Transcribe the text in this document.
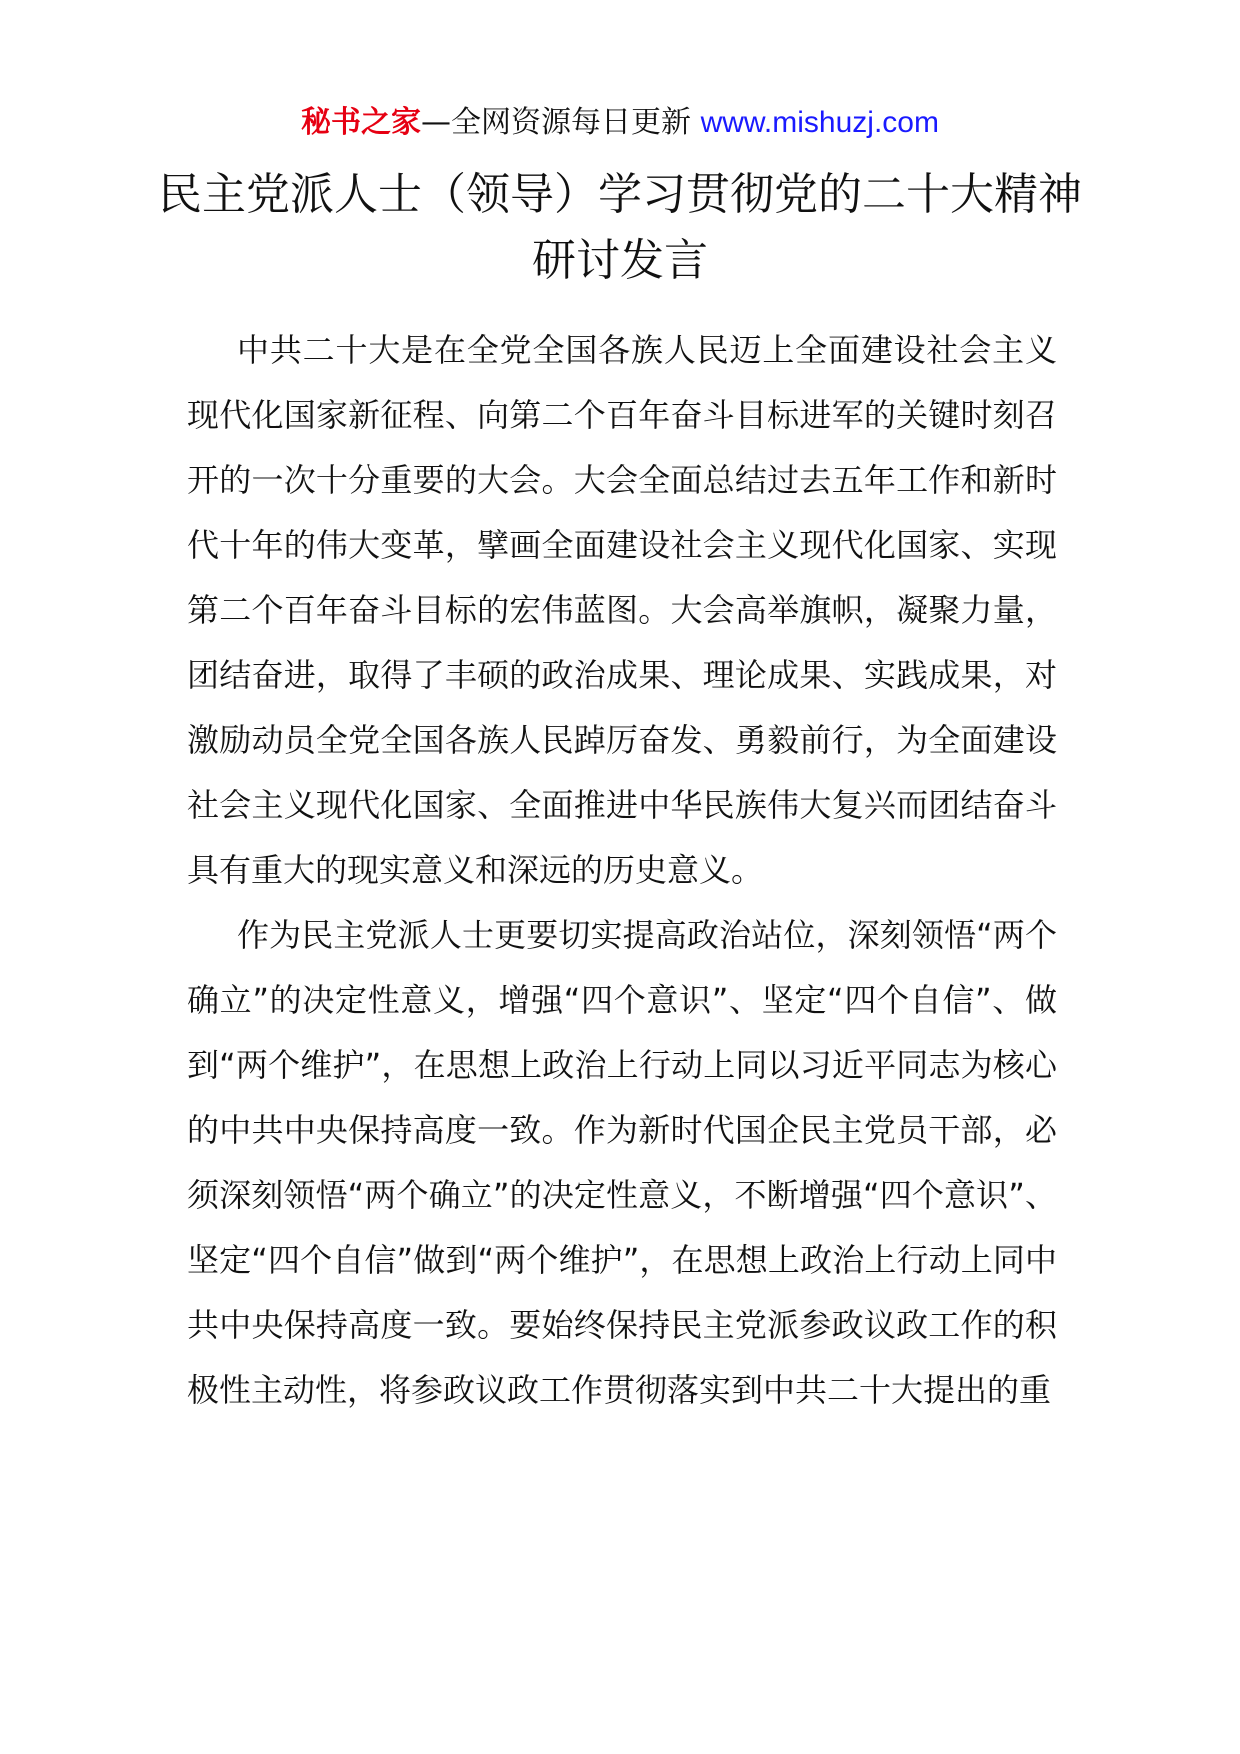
秘书之家—全网资源每日更新 www.mishuzj.com
民主党派人士（领导）学习贯彻党的二十大精神研讨发言

中共二十大是在全党全国各族人民迈上全面建设社会主义现代化国家新征程、向第二个百年奋斗目标进军的关键时刻召开的一次十分重要的大会。大会全面总结过去五年工作和新时代十年的伟大变革，擘画全面建设社会主义现代化国家、实现第二个百年奋斗目标的宏伟蓝图。大会高举旗帜，凝聚力量，团结奋进，取得了丰硕的政治成果、理论成果、实践成果，对激励动员全党全国各族人民踔厉奋发、勇毅前行，为全面建设社会主义现代化国家、全面推进中华民族伟大复兴而团结奋斗具有重大的现实意义和深远的历史意义。

作为民主党派人士更要切实提高政治站位，深刻领悟“两个确立”的决定性意义，增强“四个意识”、坚定“四个自信”、做到“两个维护”，在思想上政治上行动上同以习近平同志为核心的中共中央保持高度一致。作为新时代国企民主党员干部，必须深刻领悟“两个确立”的决定性意义，不断增强“四个意识”、坚定“四个自信”做到“两个维护”，在思想上政治上行动上同中共中央保持高度一致。要始终保持民主党派参政议政工作的积极性主动性，将参政议政工作贯彻落实到中共二十大提出的重
